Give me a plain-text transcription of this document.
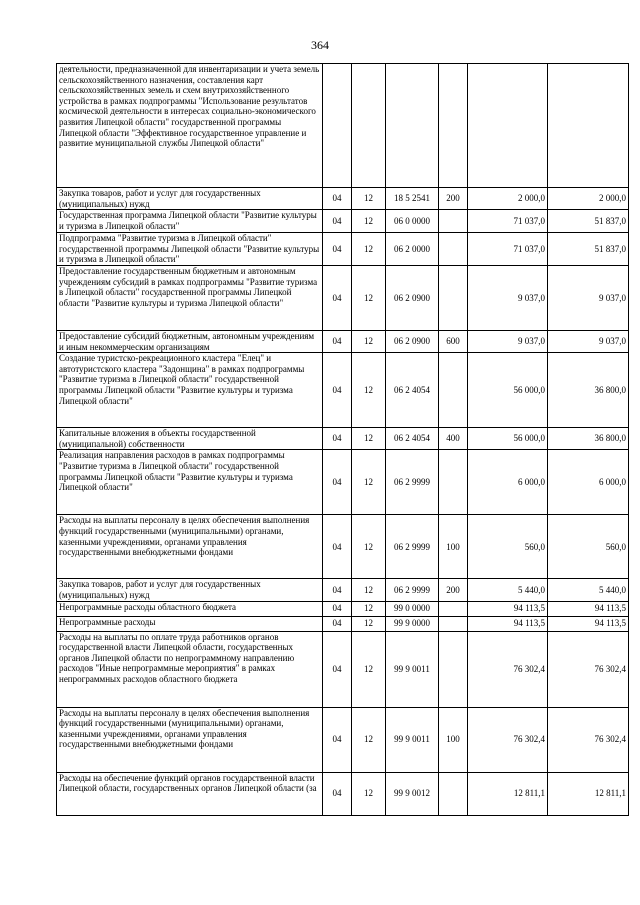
364
деятельности, предназначенной для инвентаризации и учета земель сельскохозяйственного назначения, составления карт сельскохозяйственных земель и схем внутрихозяйственного устройства в рамках подпрограммы "Использование результатов космической деятельности в интересах социально-экономического развития Липецкой области" государственной программы Липецкой области "Эффективное государственное управление и развитие муниципальной службы Липецкой области"						
Закупка товаров, работ и услуг для государственных (муниципальных) нужд	04	12	18 5 2541	200	2 000,0	2 000,0
Государственная программа Липецкой области "Развитие культуры и туризма в Липецкой области"	04	12	06 0 0000		71 037,0	51 837,0
Подпрограмма "Развитие туризма в Липецкой области" государственной программы Липецкой области "Развитие культуры и туризма в Липецкой области"	04	12	06 2 0000		71 037,0	51 837,0
Предоставление государственным бюджетным и автономным учреждениям субсидий в рамках подпрограммы "Развитие туризма в Липецкой области" государственной программы Липецкой области "Развитие культуры и туризма Липецкой области"	04	12	06 2 0900		9 037,0	9 037,0
Предоставление субсидий бюджетным, автономным учреждениям и иным некоммерческим организациям	04	12	06 2 0900	600	9 037,0	9 037,0
Создание туристско-рекреационного кластера "Елец" и автотуристского кластера "Задонщина" в рамках подпрограммы "Развитие туризма в Липецкой области" государственной программы Липецкой области "Развитие культуры и туризма Липецкой области"	04	12	06 2 4054		56 000,0	36 800,0
Капитальные вложения в объекты государственной (муниципальной) собственности	04	12	06 2 4054	400	56 000,0	36 800,0
Реализация направления расходов в рамках подпрограммы "Развитие туризма в Липецкой области" государственной программы Липецкой области "Развитие культуры и туризма Липецкой области"	04	12	06 2 9999		6 000,0	6 000,0
Расходы на выплаты персоналу в целях обеспечения выполнения функций государственными (муниципальными) органами, казенными учреждениями, органами управления государственными внебюджетными фондами	04	12	06 2 9999	100	560,0	560,0
Закупка товаров, работ и услуг для государственных (муниципальных) нужд	04	12	06 2 9999	200	5 440,0	5 440,0
Непрограммные расходы областного бюджета	04	12	99 0 0000		94 113,5	94 113,5
Непрограммные расходы	04	12	99 9 0000		94 113,5	94 113,5
Расходы на выплаты по оплате труда работников органов государственной власти Липецкой области, государственных органов Липецкой области по непрограммному направлению расходов "Иные непрограммные мероприятия" в рамках непрограммных расходов областного бюджета	04	12	99 9 0011		76 302,4	76 302,4
Расходы на выплаты персоналу в целях обеспечения выполнения функций государственными (муниципальными) органами, казенными учреждениями, органами управления государственными внебюджетными фондами	04	12	99 9 0011	100	76 302,4	76 302,4
Расходы на обеспечение функций органов государственной власти Липецкой области, государственных органов Липецкой области (за	04	12	99 9 0012		12 811,1	12 811,1
